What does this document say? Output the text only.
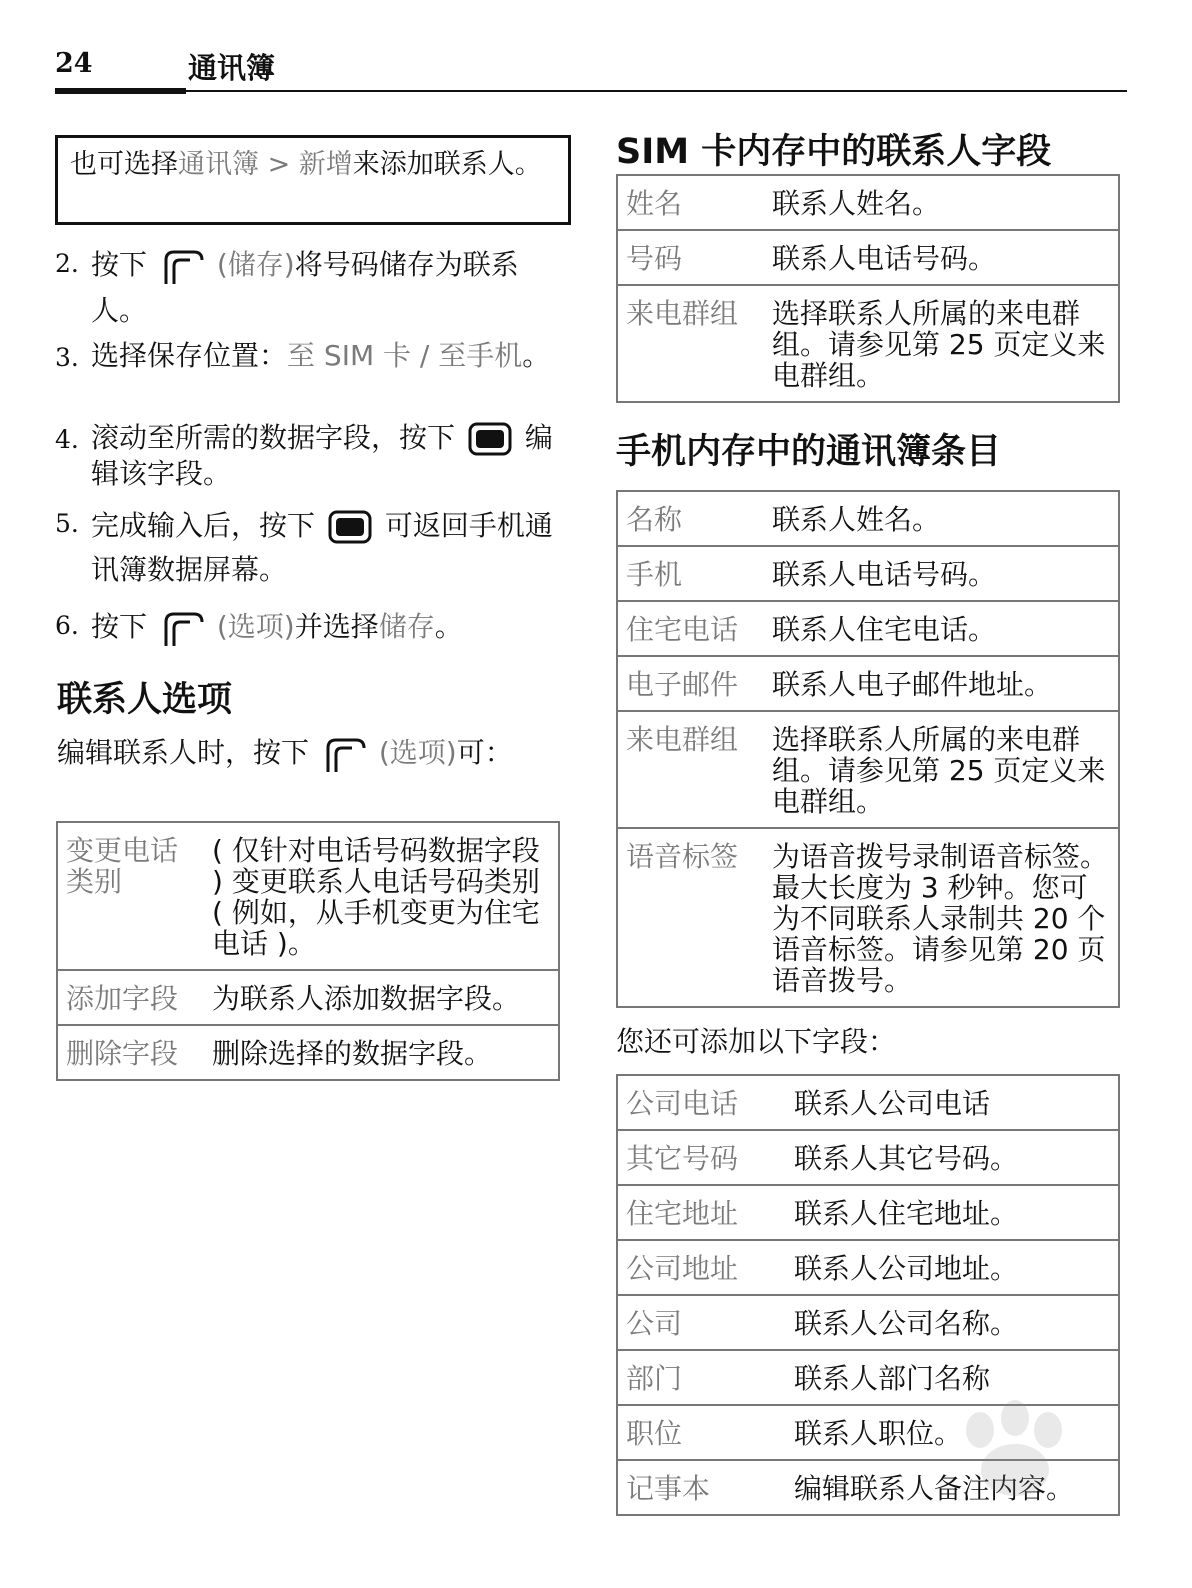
24	通讯簿
也可选择通讯簿 > 新增来添加联系人。
2. 按下 (储存)将号码储存为联系人。
3. 选择保存位置：至 SIM 卡 / 至手机。
4. 滚动至所需的数据字段，按下 编辑该字段。
5. 完成输入后，按下 可返回手机通讯簿数据屏幕。
6. 按下 (选项)并选择储存。
联系人选项
编辑联系人时，按下 (选项)可：
变更电话类别	( 仅针对电话号码数据字段 ) 变更联系人电话号码类别 ( 例如，从手机变更为住宅电话 )。
添加字段	为联系人添加数据字段。
删除字段	删除选择的数据字段。
SIM 卡内存中的联系人字段
姓名	联系人姓名。
号码	联系人电话号码。
来电群组	选择联系人所属的来电群组。请参见第 25 页定义来电群组。
手机内存中的通讯簿条目
名称	联系人姓名。
手机	联系人电话号码。
住宅电话	联系人住宅电话。
电子邮件	联系人电子邮件地址。
来电群组	选择联系人所属的来电群组。请参见第 25 页定义来电群组。
语音标签	为语音拨号录制语音标签。最大长度为 3 秒钟。您可为不同联系人录制共 20 个语音标签。请参见第 20 页语音拨号。
您还可添加以下字段：
公司电话	联系人公司电话
其它号码	联系人其它号码。
住宅地址	联系人住宅地址。
公司地址	联系人公司地址。
公司	联系人公司名称。
部门	联系人部门名称
职位	联系人职位。
记事本	编辑联系人备注内容。
